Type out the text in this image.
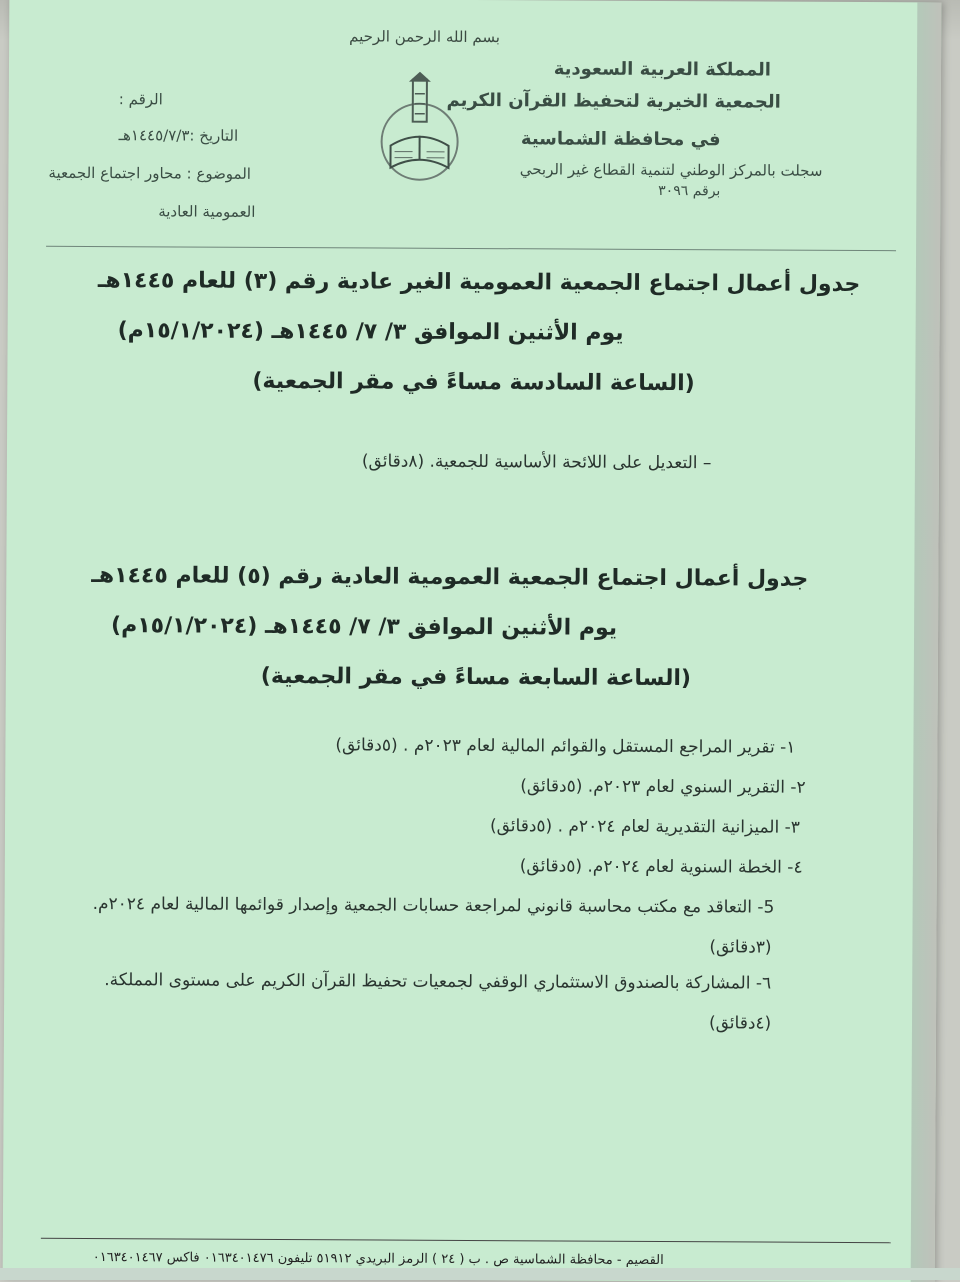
بسم الله الرحمن الرحيم
المملكة العربية السعودية
الجمعية الخيرية لتحفيظ القرآن الكريم
في محافظة الشماسية
سجلت بالمركز الوطني لتنمية القطاع غير الربحي
برقم ٣٠٩٦
الرقم :
التاريخ :١٤٤٥/٧/٣هـ
الموضوع : محاور اجتماع الجمعية
العمومية العادية
جدول أعمال اجتماع الجمعية العمومية الغير عادية رقم (٣) للعام ١٤٤٥هـ
يوم الأثنين الموافق ٣/ ٧/ ١٤٤٥هـ (١٥/١/٢٠٢٤م)
(الساعة السادسة مساءً في مقر الجمعية)
– التعديل على اللائحة الأساسية للجمعية. (٨دقائق)
جدول أعمال اجتماع الجمعية العمومية العادية رقم (٥) للعام ١٤٤٥هـ
يوم الأثنين الموافق ٣/ ٧/ ١٤٤٥هـ (١٥/١/٢٠٢٤م)
(الساعة السابعة مساءً في مقر الجمعية)
١- تقرير المراجع المستقل والقوائم المالية لعام ٢٠٢٣م . (٥دقائق)
٢- التقرير السنوي لعام ٢٠٢٣م. (٥دقائق)
٣- الميزانية التقديرية لعام ٢٠٢٤م . (٥دقائق)
٤- الخطة السنوية لعام ٢٠٢٤م. (٥دقائق)
5- التعاقد مع مكتب محاسبة قانوني لمراجعة حسابات الجمعية وإصدار قوائمها المالية لعام ٢٠٢٤م.
(٣دقائق)
٦- المشاركة بالصندوق الاستثماري الوقفي لجمعيات تحفيظ القرآن الكريم على مستوى المملكة.
(٤دقائق)
القصيم - محافظة الشماسية ص . ب ( ٢٤ ) الرمز البريدي ٥١٩١٢ تليفون ٠١٦٣٤٠١٤٧٦ فاكس ٠١٦٣٤٠١٤٦٧
